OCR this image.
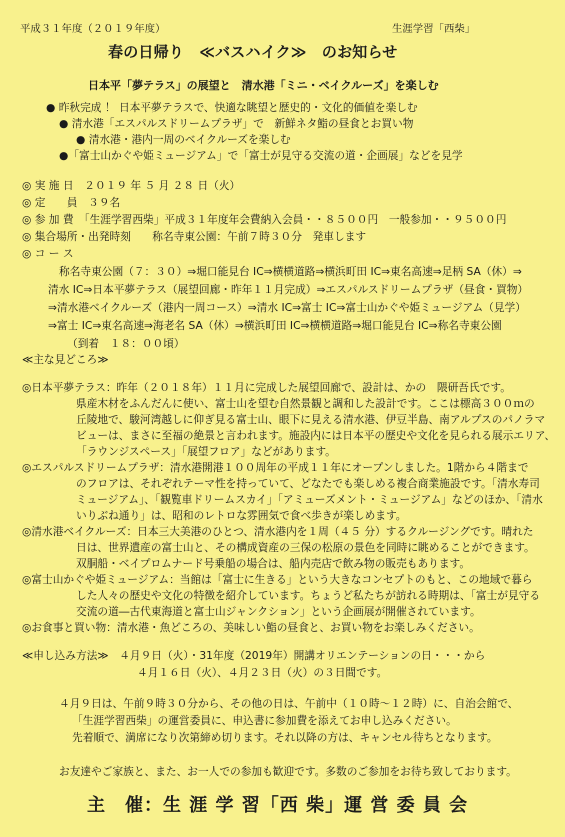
平成３１年度（２０１９年度）	生涯学習「西柴」
春の日帰り　≪バスハイク≫　のお知らせ
日本平「夢テラス」の展望と　清水港「ミニ・ベイクルーズ」を楽しむ
● 昨秋完成 ！ 日本平夢テラスで、快適な眺望と歴史的・文化的価値を楽しむ
● 清水港「エスパルスドリームプラザ」で　新鮮ネタ鮨の昼食とお買い物
● 清水港・港内一周のベイクルーズを楽しむ
●「富士山かぐや姫ミュージアム」で「富士が見守る交流の道・企画展」などを見学
◎ 実 施 日　２０１９ 年 ５ 月 ２８ 日（火）
◎ 定　　員　３９名
◎ 参 加 費　「生涯学習西柴」平成３１年度年会費納入会員・・８５００円　一般参加・・９５００円
◎ 集合場所・出発時刻　　称名寺東公園：午前７時３０分　発車します
◎ コ ー ス
称名寺東公園（７：３０）⇒堀口能見台 IC⇒横横道路⇒横浜町田 IC⇒東名高速⇒足柄 SA（休）⇒
清水 IC⇒日本平夢テラス（展望回廊・昨年１１月完成）⇒エスパルスドリームプラザ（昼食・買物）
⇒清水港ベイクルーズ（港内一周コース）⇒清水 IC⇒富士 IC⇒富士山かぐや姫ミュージアム（見学）
⇒富士 IC⇒東名高速⇒海老名 SA（休）⇒横浜町田 IC⇒横横道路⇒堀口能見台 IC⇒称名寺東公園
（到着　１８：００頃）
≪主な見どころ≫
◎日本平夢テラス：昨年（２０１８年）１１月に完成した展望回廊で、設計は、かの　隈研吾氏です。
県産木材をふんだんに使い、富士山を望む自然景観と調和した設計です。ここは標高３００ｍの
丘陵地で、駿河湾越しに仰ぎ見る富士山、眼下に見える清水港、伊豆半島、南アルプスのパノラマ
ビューは、まさに至福の絶景と言われます。施設内には日本平の歴史や文化を見られる展示エリア、
「ラウンジスペース」「展望フロア」などがあります。
◎エスパルスドリームプラザ：清水港開港１００周年の平成１１年にオープンしました。1階から４階まで
のフロアは、それぞれテーマ性を持っていて、どなたでも楽しめる複合商業施設です。「清水寿司
ミュージアム」、「観覧車ドリームスカイ」「アミューズメント・ミュージアム」などのほか、「清水
いりぶね通り」は、昭和のレトロな雰囲気で食べ歩きが楽しめます。
◎清水港ベイクルーズ：日本三大美港のひとつ、清水港内を１周（４５ 分）するクルージングです。晴れた
日は、世界遺産の富士山と、その構成資産の三保の松原の景色を同時に眺めることができます。
双胴船・ベイプロムナード号乗船の場合は、船内売店で飲み物の販売もあります。
◎富士山かぐや姫ミュージアム：当館は「富士に生きる」という大きなコンセプトのもと、この地域で暮ら
した人々の歴史や文化の特徴を紹介しています。ちょうど私たちが訪れる時期は、「富士が見守る
交流の道―古代東海道と富士山ジャンクション」という企画展が開催されています。
◎お食事と買い物：清水港・魚どころの、美味しい鮨の昼食と、お買い物をお楽しみください。
≪申し込み方法≫　４月９日（火）・31年度（2019年）開講オリエンテーションの日・・・から
４月１６日（火）、４月２３日（火）の３日間です。
４月９日は、午前９時３０分から、その他の日は、午前中（１０時～１２時）に、自治会館で、
「生涯学習西柴」の運営委員に、申込書に参加費を添えてお申し込みください。
先着順で、満席になり次第締め切ります。それ以降の方は、キャンセル待ちとなります。
お友達やご家族と、また、お一人での参加も歓迎です。多数のご参加をお待ち致しております。
主　催：生 涯 学 習「西 柴」運 営 委 員 会
